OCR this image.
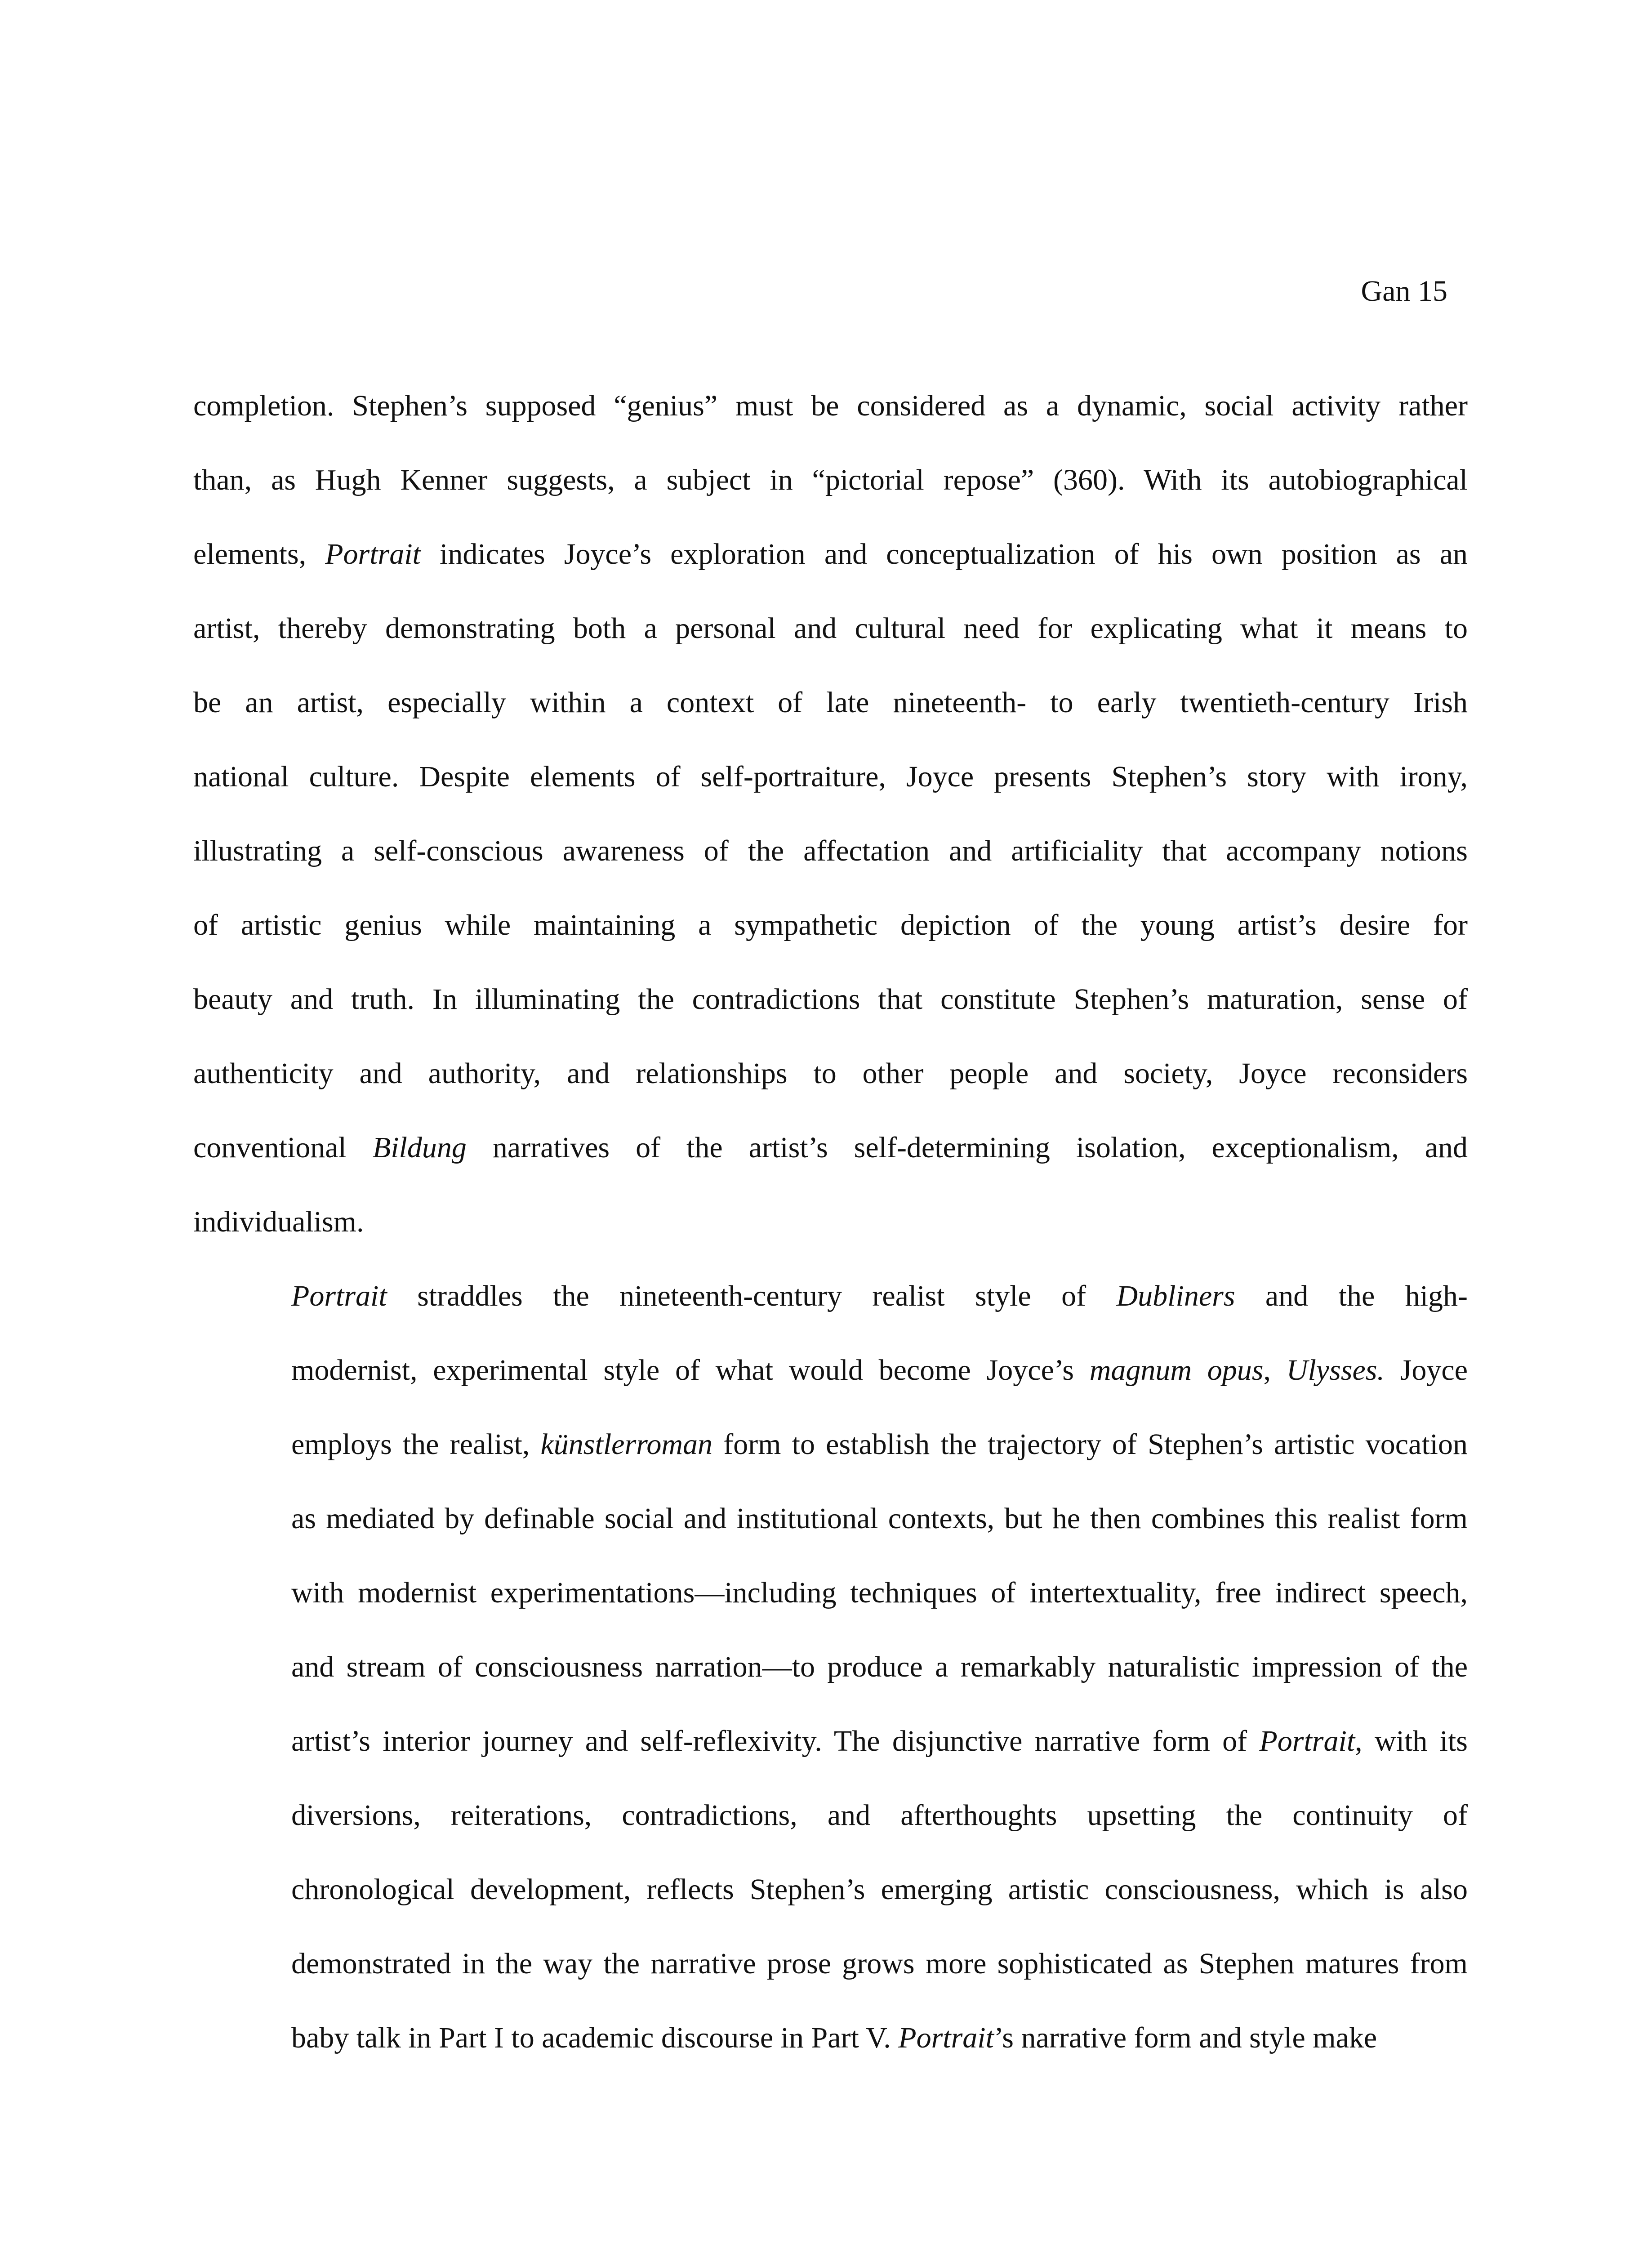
Gan 15

completion. Stephen’s supposed “genius” must be considered as a dynamic, social activity rather
than, as Hugh Kenner suggests, a subject in “pictorial repose” (360). With its autobiographical
elements, Portrait indicates Joyce’s exploration and conceptualization of his own position as an
artist, thereby demonstrating both a personal and cultural need for explicating what it means to
be an artist, especially within a context of late nineteenth- to early twentieth-century Irish
national culture. Despite elements of self-portraiture, Joyce presents Stephen’s story with irony,
illustrating a self-conscious awareness of the affectation and artificiality that accompany notions
of artistic genius while maintaining a sympathetic depiction of the young artist’s desire for
beauty and truth. In illuminating the contradictions that constitute Stephen’s maturation, sense of
authenticity and authority, and relationships to other people and society, Joyce reconsiders
conventional Bildung narratives of the artist’s self-determining isolation, exceptionalism, and
individualism.

Portrait straddles the nineteenth-century realist style of Dubliners and the high-
modernist, experimental style of what would become Joyce’s magnum opus, Ulysses. Joyce
employs the realist, künstlerroman form to establish the trajectory of Stephen’s artistic vocation
as mediated by definable social and institutional contexts, but he then combines this realist form
with modernist experimentations—including techniques of intertextuality, free indirect speech,
and stream of consciousness narration—to produce a remarkably naturalistic impression of the
artist’s interior journey and self-reflexivity. The disjunctive narrative form of Portrait, with its
diversions, reiterations, contradictions, and afterthoughts upsetting the continuity of
chronological development, reflects Stephen’s emerging artistic consciousness, which is also
demonstrated in the way the narrative prose grows more sophisticated as Stephen matures from
baby talk in Part I to academic discourse in Part V. Portrait’s narrative form and style make
